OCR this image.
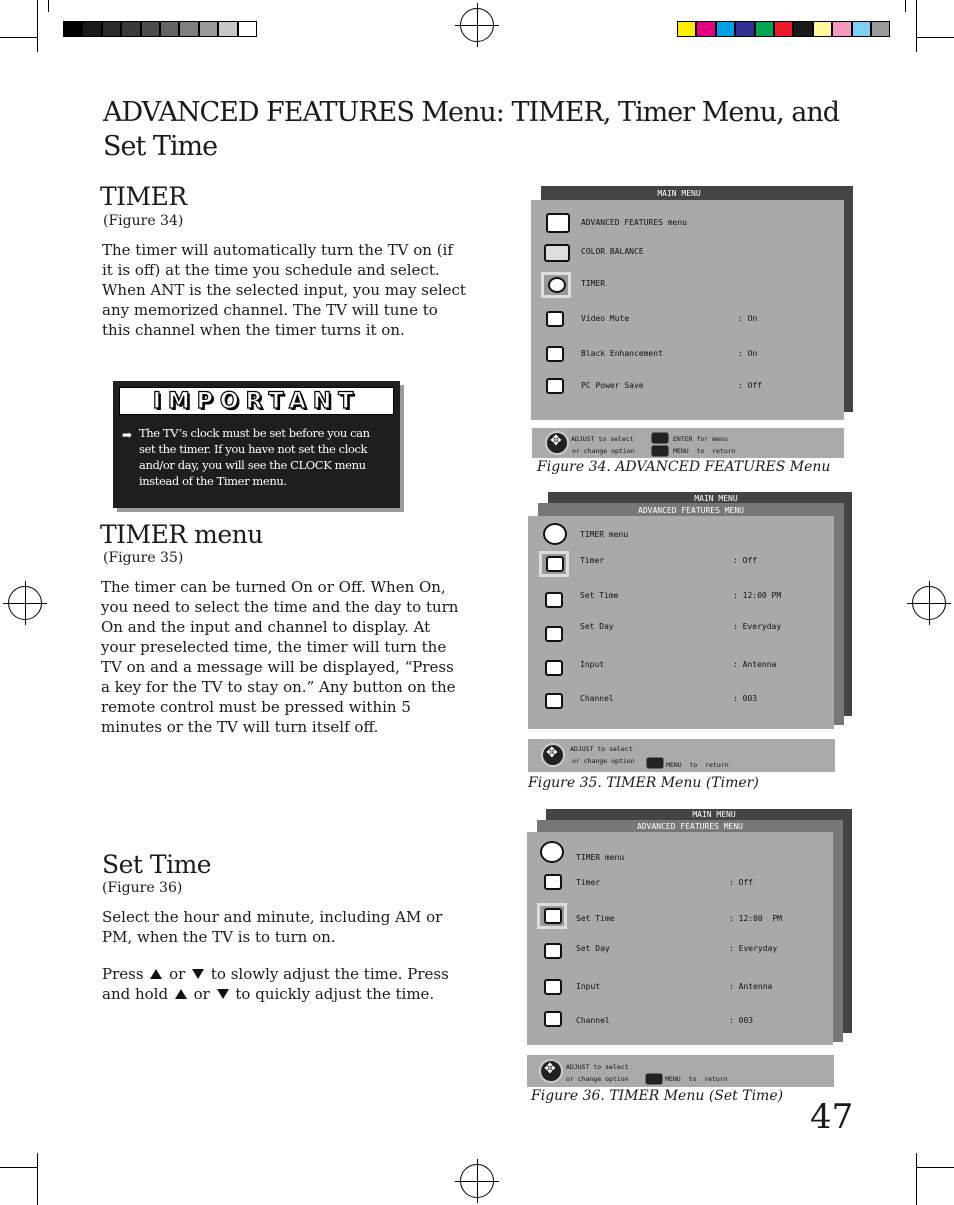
ADVANCED FEATURES Menu: TIMER, Timer Menu, and Set Time
TIMER
(Figure 34)
The timer will automatically turn the TV on (if it is off) at the time you schedule and select. When ANT is the selected input, you may select any memorized channel. The TV will tune to this channel when the timer turns it on.
IMPORTANT
➡ The TV’s clock must be set before you can set the timer. If you have not set the clock and/or day, you will see the CLOCK menu instead of the Timer menu.
TIMER menu
(Figure 35)
The timer can be turned On or Off. When On, you need to select the time and the day to turn On and the input and channel to display. At your preselected time, the timer will turn the TV on and a message will be displayed, “Press a key for the TV to stay on.” Any button on the remote control must be pressed within 5 minutes or the TV will turn itself off.
Set Time
(Figure 36)
Select the hour and minute, including AM or PM, when the TV is to turn on.
Press or to slowly adjust the time. Press and hold or to quickly adjust the time.
MAIN MENU
ADVANCED FEATURES menu
COLOR BALANCE
TIMER
Video Mute	: On
Black Enhancement	: On
PC Power Save	: Off
✥
ADJUST to select
or change option
ENTER for menu
MENU  to  return
Figure 34. ADVANCED FEATURES Menu
MAIN MENU
ADVANCED FEATURES MENU
TIMER menu
Timer	: Off
Set Time	: 12:00 PM
Set Day	: Everyday
Input	: Antenna
Channel	: 003
✥
ADJUST to select
or change option	MENU  to  return
Figure 35. TIMER Menu (Timer)
MAIN MENU
ADVANCED FEATURES MENU
TIMER menu
Timer	: Off
Set Time	: 12:00  PM
Set Day	: Everyday
Input	: Antenna
Channel	: 003
✥
ADJUST to select
or change option	MENU  to  return
Figure 36. TIMER Menu (Set Time)
47
